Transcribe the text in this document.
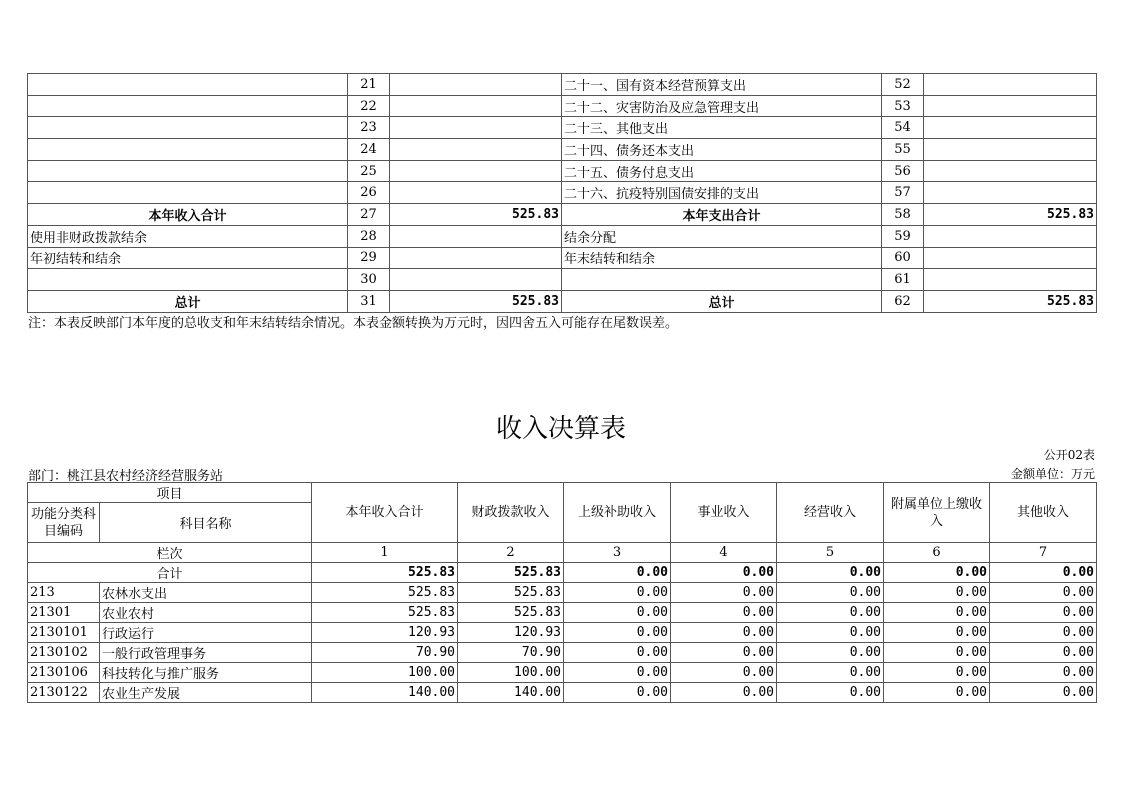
	21		二十一、国有资本经营预算支出	52	
	22		二十二、灾害防治及应急管理支出	53	
	23		二十三、其他支出	54	
	24		二十四、债务还本支出	55	
	25		二十五、债务付息支出	56	
	26		二十六、抗疫特别国债安排的支出	57	
本年收入合计	27	525.83	本年支出合计	58	525.83
使用非财政拨款结余	28		结余分配	59	
年初结转和结余	29		年末结转和结余	60	
	30			61	
总计	31	525.83	总计	62	525.83
注：本表反映部门本年度的总收支和年末结转结余情况。本表金额转换为万元时，因四舍五入可能存在尾数误差。
收入决算表
公开02表
部门：桃江县农村经济经营服务站	金额单位：万元
项目		本年收入合计	财政拨款收入	上级补助收入	事业收入	经营收入	附属单位上缴收入	其他收入
功能分类科目编码	科目名称							
栏次		1	2	3	4	5	6	7
合计		525.83	525.83	0.00	0.00	0.00	0.00	0.00
213	农林水支出	525.83	525.83	0.00	0.00	0.00	0.00	0.00
21301	农业农村	525.83	525.83	0.00	0.00	0.00	0.00	0.00
2130101	行政运行	120.93	120.93	0.00	0.00	0.00	0.00	0.00
2130102	一般行政管理事务	70.90	70.90	0.00	0.00	0.00	0.00	0.00
2130106	科技转化与推广服务	100.00	100.00	0.00	0.00	0.00	0.00	0.00
2130122	农业生产发展	140.00	140.00	0.00	0.00	0.00	0.00	0.00
